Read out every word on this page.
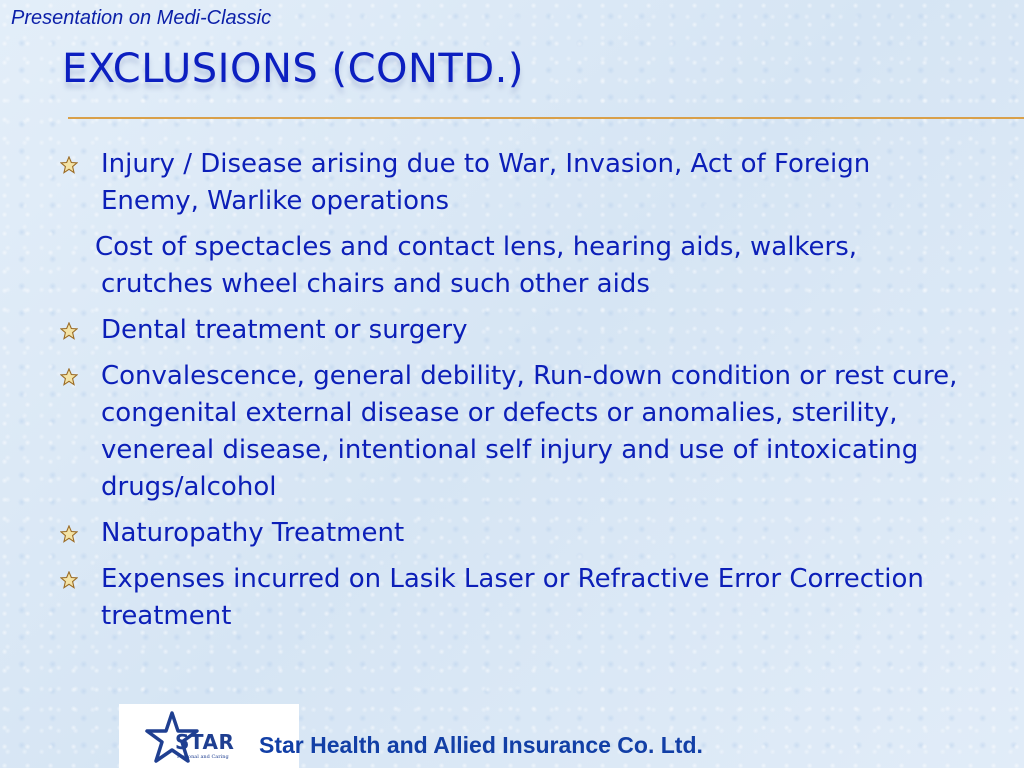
Presentation on Medi-Classic
EXCLUSIONS (CONTD.)
Injury / Disease arising due to War, Invasion, Act of Foreign Enemy, Warlike operations
Cost of spectacles and contact lens, hearing aids, walkers, crutches wheel chairs and such other aids
Dental treatment or surgery
Convalescence, general debility, Run-down condition or rest cure, congenital external disease or defects or anomalies, sterility, venereal disease, intentional self injury and use of intoxicating drugs/alcohol
Naturopathy Treatment
Expenses incurred on Lasik Laser or Refractive Error Correction treatment
STAR
Personal and Caring Star Health and Allied Insurance Co. Ltd.
